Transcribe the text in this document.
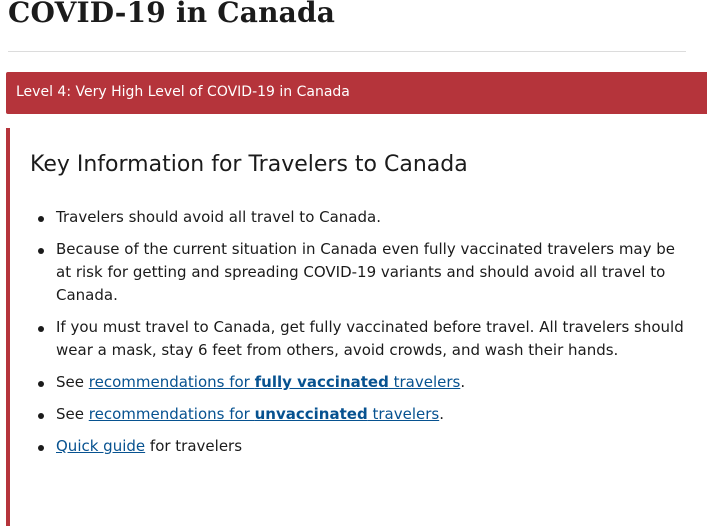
COVID-19 in Canada
Level 4: Very High Level of COVID-19 in Canada
Key Information for Travelers to Canada
Travelers should avoid all travel to Canada.
Because of the current situation in Canada even fully vaccinated travelers may be at risk for getting and spreading COVID-19 variants and should avoid all travel to Canada.
If you must travel to Canada, get fully vaccinated before travel. All travelers should wear a mask, stay 6 feet from others, avoid crowds, and wash their hands.
See recommendations for fully vaccinated travelers.
See recommendations for unvaccinated travelers.
Quick guide for travelers
